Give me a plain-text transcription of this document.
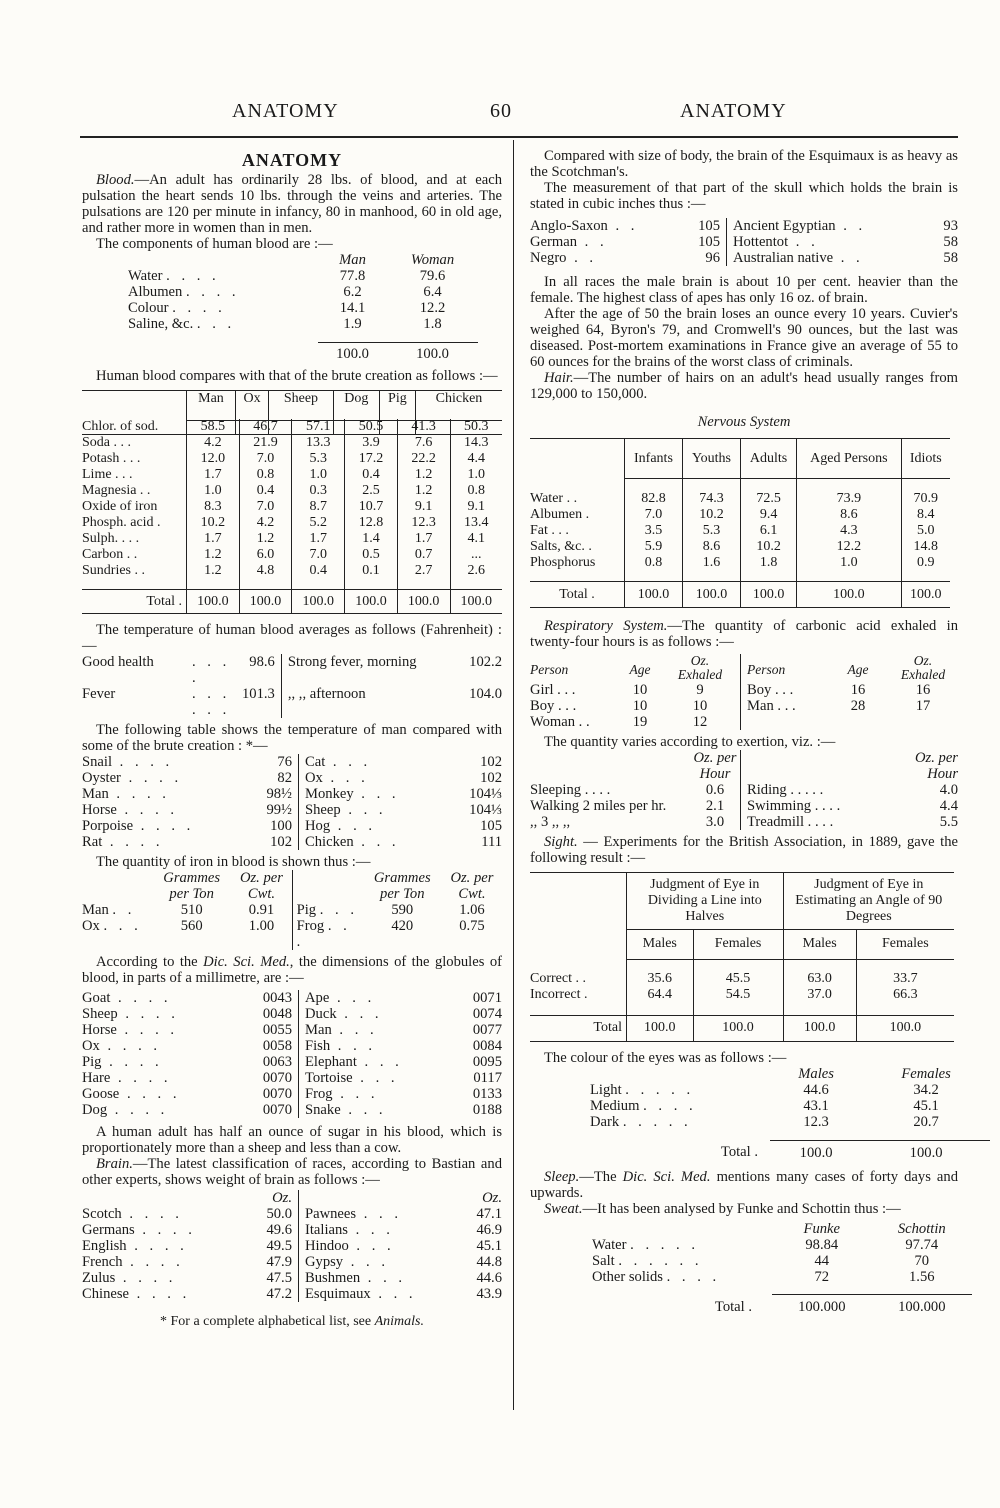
ANATOMY	60	ANATOMY
ANATOMY

Blood.—An adult has ordinarily 28 lbs. of blood, and at each pulsation the heart sends 10 lbs. through the veins and arteries. The pulsations are 120 per minute in infancy, 80 in manhood, 60 in old age, and rather more in women than in men.

The components of human blood are :—

	Man	Woman
Water . . . .	77.8	79.6
Albumen . . . .	6.2	6.4
Colour . . . .	14.1	12.2
Saline, &c. . . .	1.9	1.8

	100.0	100.0

Human blood compares with that of the brute creation as follows :—

	Man	Ox	Sheep	Dog	Pig	Chicken

Chlor. of sod.	58.5	46.7	57.1	50.5	41.3	50.3
Soda . . .	4.2	21.9	13.3	3.9	7.6	14.3
Potash . . .	12.0	7.0	5.3	17.2	22.2	4.4
Lime . . .	1.7	0.8	1.0	0.4	1.2	1.0
Magnesia . .	1.0	0.4	0.3	2.5	1.2	0.8
Oxide of iron	8.3	7.0	8.7	10.7	9.1	9.1
Phosph. acid .	10.2	4.2	5.2	12.8	12.3	13.4
Sulph. . . .	1.7	1.2	1.7	1.4	1.7	4.1
Carbon . .	1.2	6.0	7.0	0.5	0.7	...
Sundries . .	1.2	4.8	0.4	0.1	2.7	2.6

Total .	100.0	100.0	100.0	100.0	100.0	100.0

The temperature of human blood averages as follows (Fahrenheit) :—

Good health	. . . .	98.6	Strong fever, morning	102.2
Fever	. . . . . .	101.3	,, ,, afternoon	104.0

The following table shows the temperature of man compared with some of the brute creation : *—

Snail . . . .	76	Cat . . .	102
Oyster . . . .	82	Ox . . .	102
Man . . . .	98½	Monkey . . .	104⅓
Horse . . . .	99½	Sheep . . .	104⅓
Porpoise . . . .	100	Hog . . .	105
Rat . . . .	102	Chicken . . .	111

The quantity of iron in blood is shown thus :—

	Grammes	Oz. per		Grammes	Oz. per
	per Ton	Cwt.		per Ton	Cwt.
Man . .	510	0.91	Pig . . .	590	1.06
Ox . . .	560	1.00	Frog . . .	420	0.75

According to the Dic. Sci. Med., the dimensions of the globules of blood, in parts of a millimetre, are :—

Goat . . . .	0043	Ape . . .	0071
Sheep . . . .	0048	Duck . . .	0074
Horse . . . .	0055	Man . . .	0077
Ox . . . .	0058	Fish . . .	0084
Pig . . . .	0063	Elephant . . .	0095
Hare . . . .	0070	Tortoise . . .	0117
Goose . . . .	0070	Frog . . .	0133
Dog . . . .	0070	Snake . . .	0188

A human adult has half an ounce of sugar in his blood, which is proportionately more than a sheep and less than a cow.

Brain.—The latest classification of races, according to Bastian and other experts, shows weight of brain as follows :—

	Oz.		Oz.
Scotch . . . .	50.0	Pawnees . . .	47.1
Germans . . . .	49.6	Italians . . .	46.9
English . . . .	49.5	Hindoo . . .	45.1
French . . . .	47.9	Gypsy . . .	44.8
Zulus . . . .	47.5	Bushmen . . .	44.6
Chinese . . . .	47.2	Esquimaux . . .	43.9
* For a complete alphabetical list, see Animals.

Compared with size of body, the brain of the Esquimaux is as heavy as the Scotchman's.

The measurement of that part of the skull which holds the brain is stated in cubic inches thus :—

Anglo-Saxon . .	105	Ancient Egyptian . .	93
German . .	105	Hottentot . .	58
Negro . .	96	Australian native . .	58

In all races the male brain is about 10 per cent. heavier than the female. The highest class of apes has only 16 oz. of brain.

After the age of 50 the brain loses an ounce every 10 years. Cuvier's weighed 64, Byron's 79, and Cromwell's 90 ounces, but the last was diseased. Post-mortem examinations in France give an average of 55 to 60 ounces for the brains of the worst class of criminals.

Hair.—The number of hairs on an adult's head usually ranges from 129,000 to 150,000.

Nervous System
	Infants	Youths	Adults	Aged Persons	Idiots

Water . .	82.8	74.3	72.5	73.9	70.9
Albumen .	7.0	10.2	9.4	8.6	8.4
Fat . . .	3.5	5.3	6.1	4.3	5.0
Salts, &c. .	5.9	8.6	10.2	12.2	14.8
Phosphorus	0.8	1.6	1.8	1.0	0.9

Total .	100.0	100.0	100.0	100.0	100.0

Respiratory System.—The quantity of carbonic acid exhaled in twenty-four hours is as follows :—

Person	Age	Oz.
Exhaled	Person	Age	Oz.
Exhaled
Girl . . .	10	9	Boy . . .	16	16
Boy . . .	10	10	Man . . .	28	17
Woman . .	19	12			

The quantity varies according to exertion, viz. :—

	Oz. per		Oz. per
	Hour		Hour
Sleeping . . . .	0.6	Riding . . . . .	4.0
Walking 2 miles per hr.	2.1	Swimming . . . .	4.4
,, 3 ,, ,,	3.0	Treadmill . . . .	5.5

Sight. — Experiments for the British Association, in 1889, gave the following result :—

	Judgment of Eye in Dividing a Line into Halves		Judgment of Eye in Estimating an Angle of 90 Degrees	
	Males	Females	Males	Females

Correct . .	35.6	45.5	63.0	33.7
Incorrect .	64.4	54.5	37.0	66.3

Total	100.0	100.0	100.0	100.0

The colour of the eyes was as follows :—

	Males	Females
Light . . . . .	44.6	34.2
Medium . . . .	43.1	45.1
Dark . . . . .	12.3	20.7

Total .	100.0	100.0

Sleep.—The Dic. Sci. Med. mentions many cases of forty days and upwards.

Sweat.—It has been analysed by Funke and Schottin thus :—

	Funke	Schottin
Water . . . . .	98.84	97.74
Salt . . . . . .	44	70
Other solids . . . .	72	1.56

Total .	100.000	100.000
